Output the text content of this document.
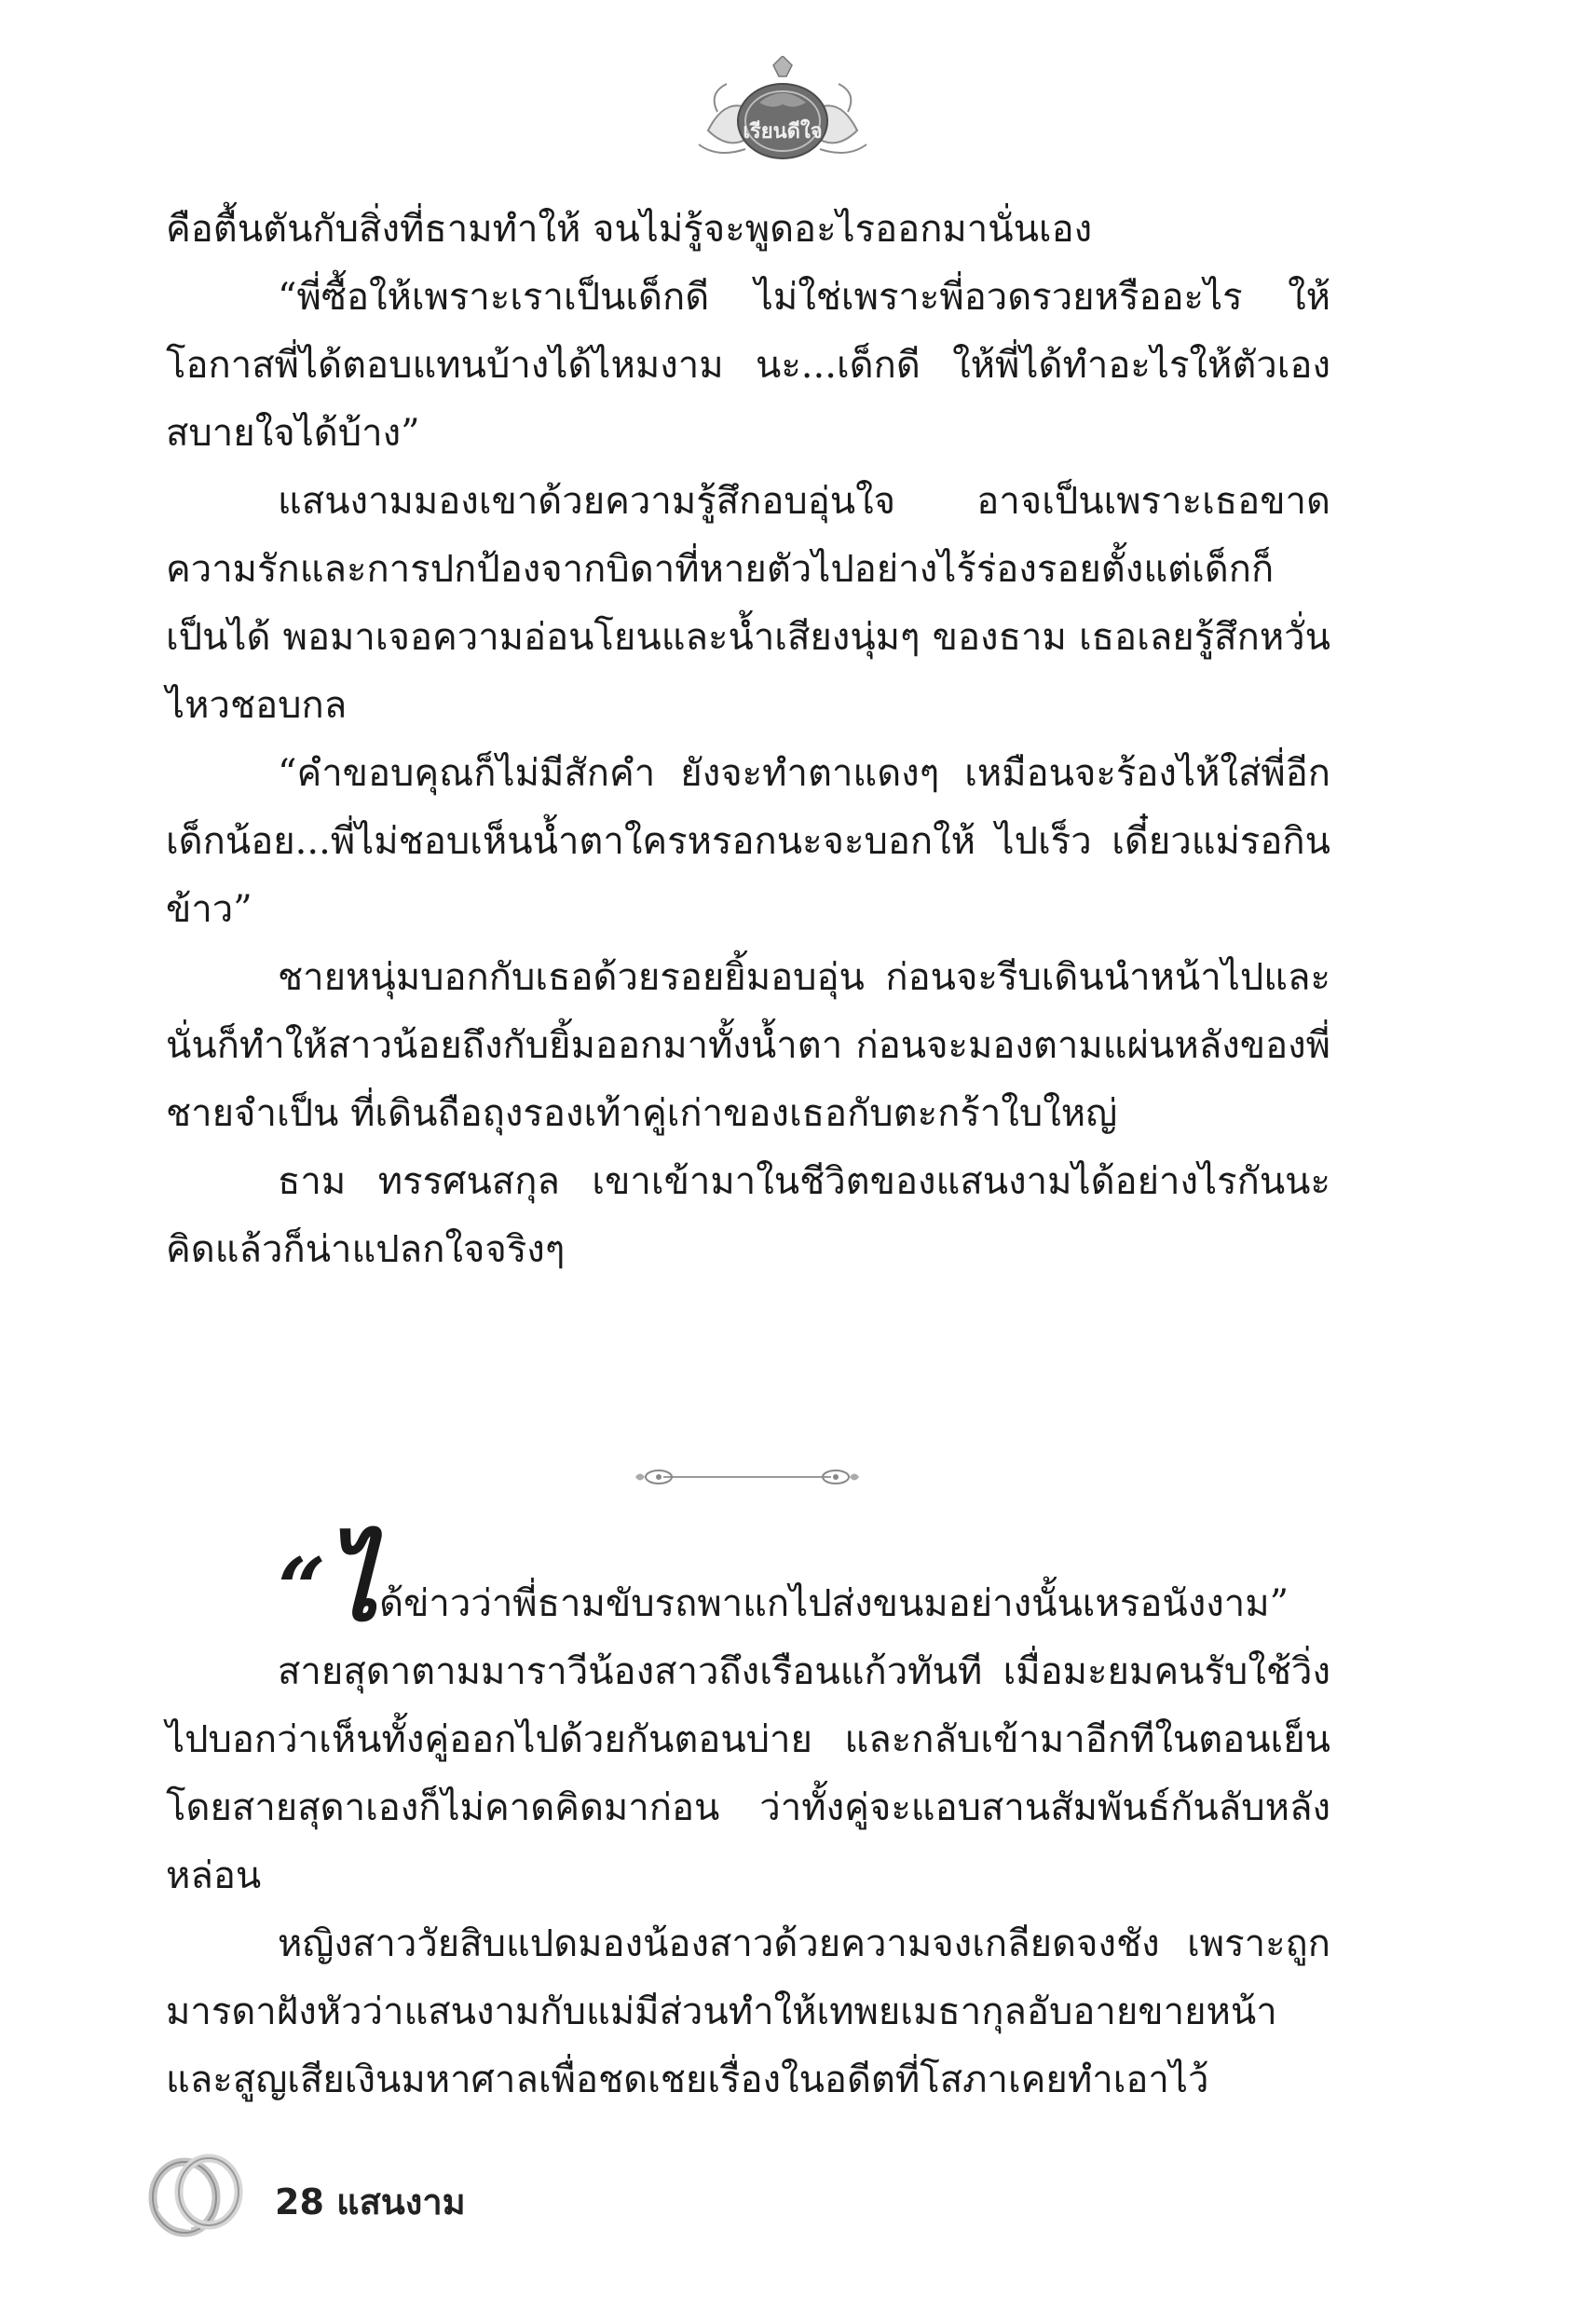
เรียนดีใจ

คือตื้นตันกับสิ่งที่ธามทำให้ จนไม่รู้จะพูดอะไรออกมานั่นเอง

“พี่ซื้อให้เพราะเราเป็นเด็กดี ไม่ใช่เพราะพี่อวดรวยหรืออะไร ให้โอกาสพี่ได้ตอบแทนบ้างได้ไหมงาม นะ...เด็กดี ให้พี่ได้ทำอะไรให้ตัวเองสบายใจได้บ้าง”

แสนงามมองเขาด้วยความรู้สึกอบอุ่นใจ อาจเป็นเพราะเธอขาดความรักและการปกป้องจากบิดาที่หายตัวไปอย่างไร้ร่องรอยตั้งแต่เด็กก็เป็นได้ พอมาเจอความอ่อนโยนและน้ำเสียงนุ่มๆ ของธาม เธอเลยรู้สึกหวั่นไหวชอบกล

“คำขอบคุณก็ไม่มีสักคำ ยังจะทำตาแดงๆ เหมือนจะร้องไห้ใส่พี่อีกเด็กน้อย...พี่ไม่ชอบเห็นน้ำตาใครหรอกนะจะบอกให้ ไปเร็ว เดี๋ยวแม่รอกินข้าว”

ชายหนุ่มบอกกับเธอด้วยรอยยิ้มอบอุ่น ก่อนจะรีบเดินนำหน้าไปและนั่นก็ทำให้สาวน้อยถึงกับยิ้มออกมาทั้งน้ำตา ก่อนจะมองตามแผ่นหลังของพี่ชายจำเป็น ที่เดินถือถุงรองเท้าคู่เก่าของเธอกับตะกร้าใบใหญ่

ธาม ทรรศนสกุล เขาเข้ามาในชีวิตของแสนงามได้อย่างไรกันนะคิดแล้วก็น่าแปลกใจจริงๆ

“ได้ข่าวว่าพี่ธามขับรถพาแกไปส่งขนมอย่างนั้นเหรอนังงาม”

สายสุดาตามมาราวีน้องสาวถึงเรือนแก้วทันที เมื่อมะยมคนรับใช้วิ่งไปบอกว่าเห็นทั้งคู่ออกไปด้วยกันตอนบ่าย และกลับเข้ามาอีกทีในตอนเย็น โดยสายสุดาเองก็ไม่คาดคิดมาก่อน ว่าทั้งคู่จะแอบสานสัมพันธ์กันลับหลังหล่อน

หญิงสาววัยสิบแปดมองน้องสาวด้วยความจงเกลียดจงชัง เพราะถูกมารดาฝังหัวว่าแสนงามกับแม่มีส่วนทำให้เทพยเมธากุลอับอายขายหน้าและสูญเสียเงินมหาศาลเพื่อชดเชยเรื่องในอดีตที่โสภาเคยทำเอาไว้

28 แสนงาม
